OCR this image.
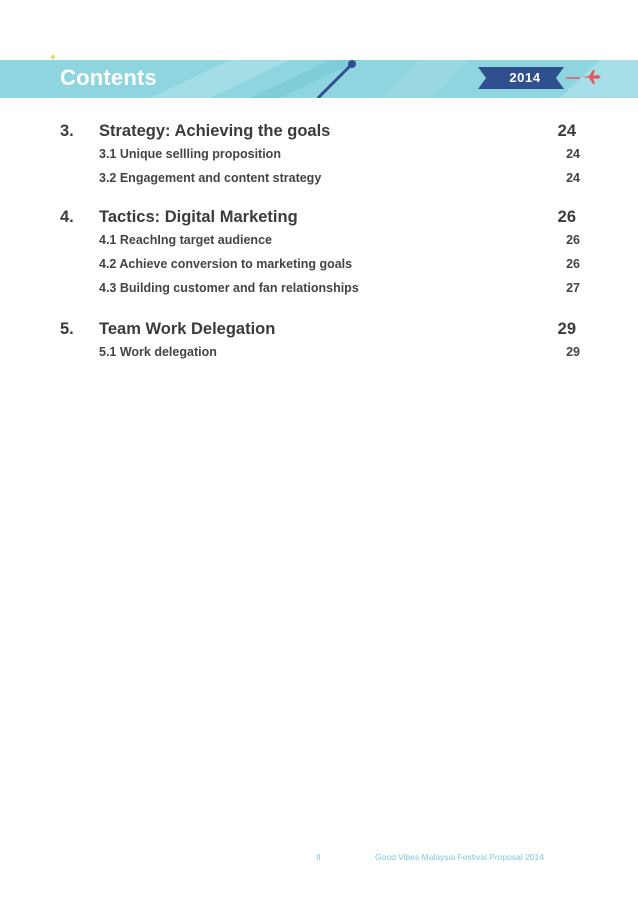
Contents	2014
3. Strategy: Achieving the goals	24
3.1 Unique sellling proposition	24
3.2 Engagement and content strategy	24
4. Tactics: Digital Marketing	26
4.1 ReachIng target audience	26
4.2 Achieve conversion to marketing goals	26
4.3 Building customer and fan relationships	27
5. Team Work Delegation	29
5.1 Work delegation	29
II	Good Vibes Malaysia Festival Proposal 2014
